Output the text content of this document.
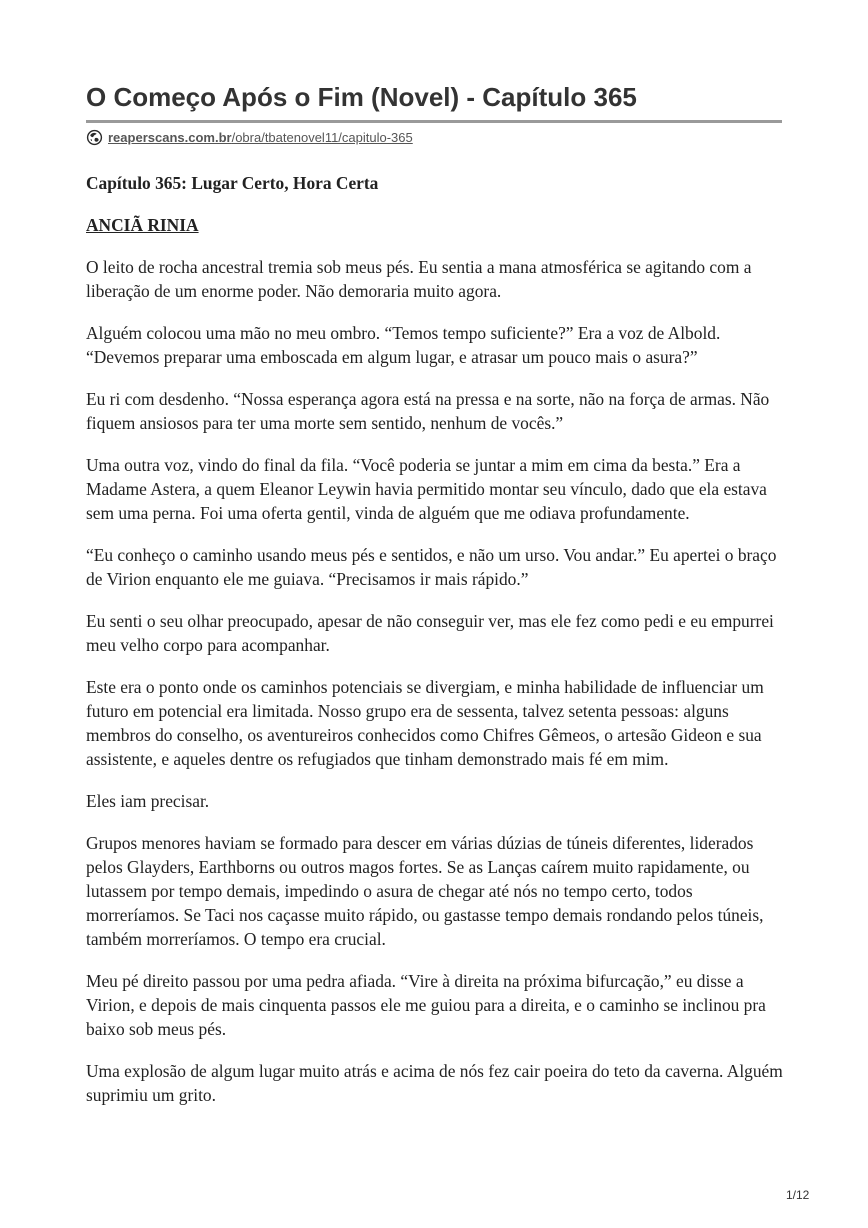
O Começo Após o Fim (Novel) - Capítulo 365
reaperscans.com.br/obra/tbatenovel11/capitulo-365
Capítulo 365: Lugar Certo, Hora Certa
ANCIÃ RINIA

O leito de rocha ancestral tremia sob meus pés. Eu sentia a mana atmosférica se agitando com a liberação de um enorme poder. Não demoraria muito agora.

Alguém colocou uma mão no meu ombro. “Temos tempo suficiente?” Era a voz de Albold. “Devemos preparar uma emboscada em algum lugar, e atrasar um pouco mais o asura?”

Eu ri com desdenho. “Nossa esperança agora está na pressa e na sorte, não na força de armas. Não fiquem ansiosos para ter uma morte sem sentido, nenhum de vocês.”

Uma outra voz, vindo do final da fila. “Você poderia se juntar a mim em cima da besta.” Era a Madame Astera, a quem Eleanor Leywin havia permitido montar seu vínculo, dado que ela estava sem uma perna. Foi uma oferta gentil, vinda de alguém que me odiava profundamente.

“Eu conheço o caminho usando meus pés e sentidos, e não um urso. Vou andar.” Eu apertei o braço de Virion enquanto ele me guiava. “Precisamos ir mais rápido.”

Eu senti o seu olhar preocupado, apesar de não conseguir ver, mas ele fez como pedi e eu empurrei meu velho corpo para acompanhar.

Este era o ponto onde os caminhos potenciais se divergiam, e minha habilidade de influenciar um futuro em potencial era limitada. Nosso grupo era de sessenta, talvez setenta pessoas: alguns membros do conselho, os aventureiros conhecidos como Chifres Gêmeos, o artesão Gideon e sua assistente, e aqueles dentre os refugiados que tinham demonstrado mais fé em mim.

Eles iam precisar.

Grupos menores haviam se formado para descer em várias dúzias de túneis diferentes, liderados pelos Glayders, Earthborns ou outros magos fortes. Se as Lanças caírem muito rapidamente, ou lutassem por tempo demais, impedindo o asura de chegar até nós no tempo certo, todos morreríamos. Se Taci nos caçasse muito rápido, ou gastasse tempo demais rondando pelos túneis, também morreríamos. O tempo era crucial.

Meu pé direito passou por uma pedra afiada. “Vire à direita na próxima bifurcação,” eu disse a Virion, e depois de mais cinquenta passos ele me guiou para a direita, e o caminho se inclinou pra baixo sob meus pés.

Uma explosão de algum lugar muito atrás e acima de nós fez cair poeira do teto da caverna. Alguém suprimiu um grito.

1/12
